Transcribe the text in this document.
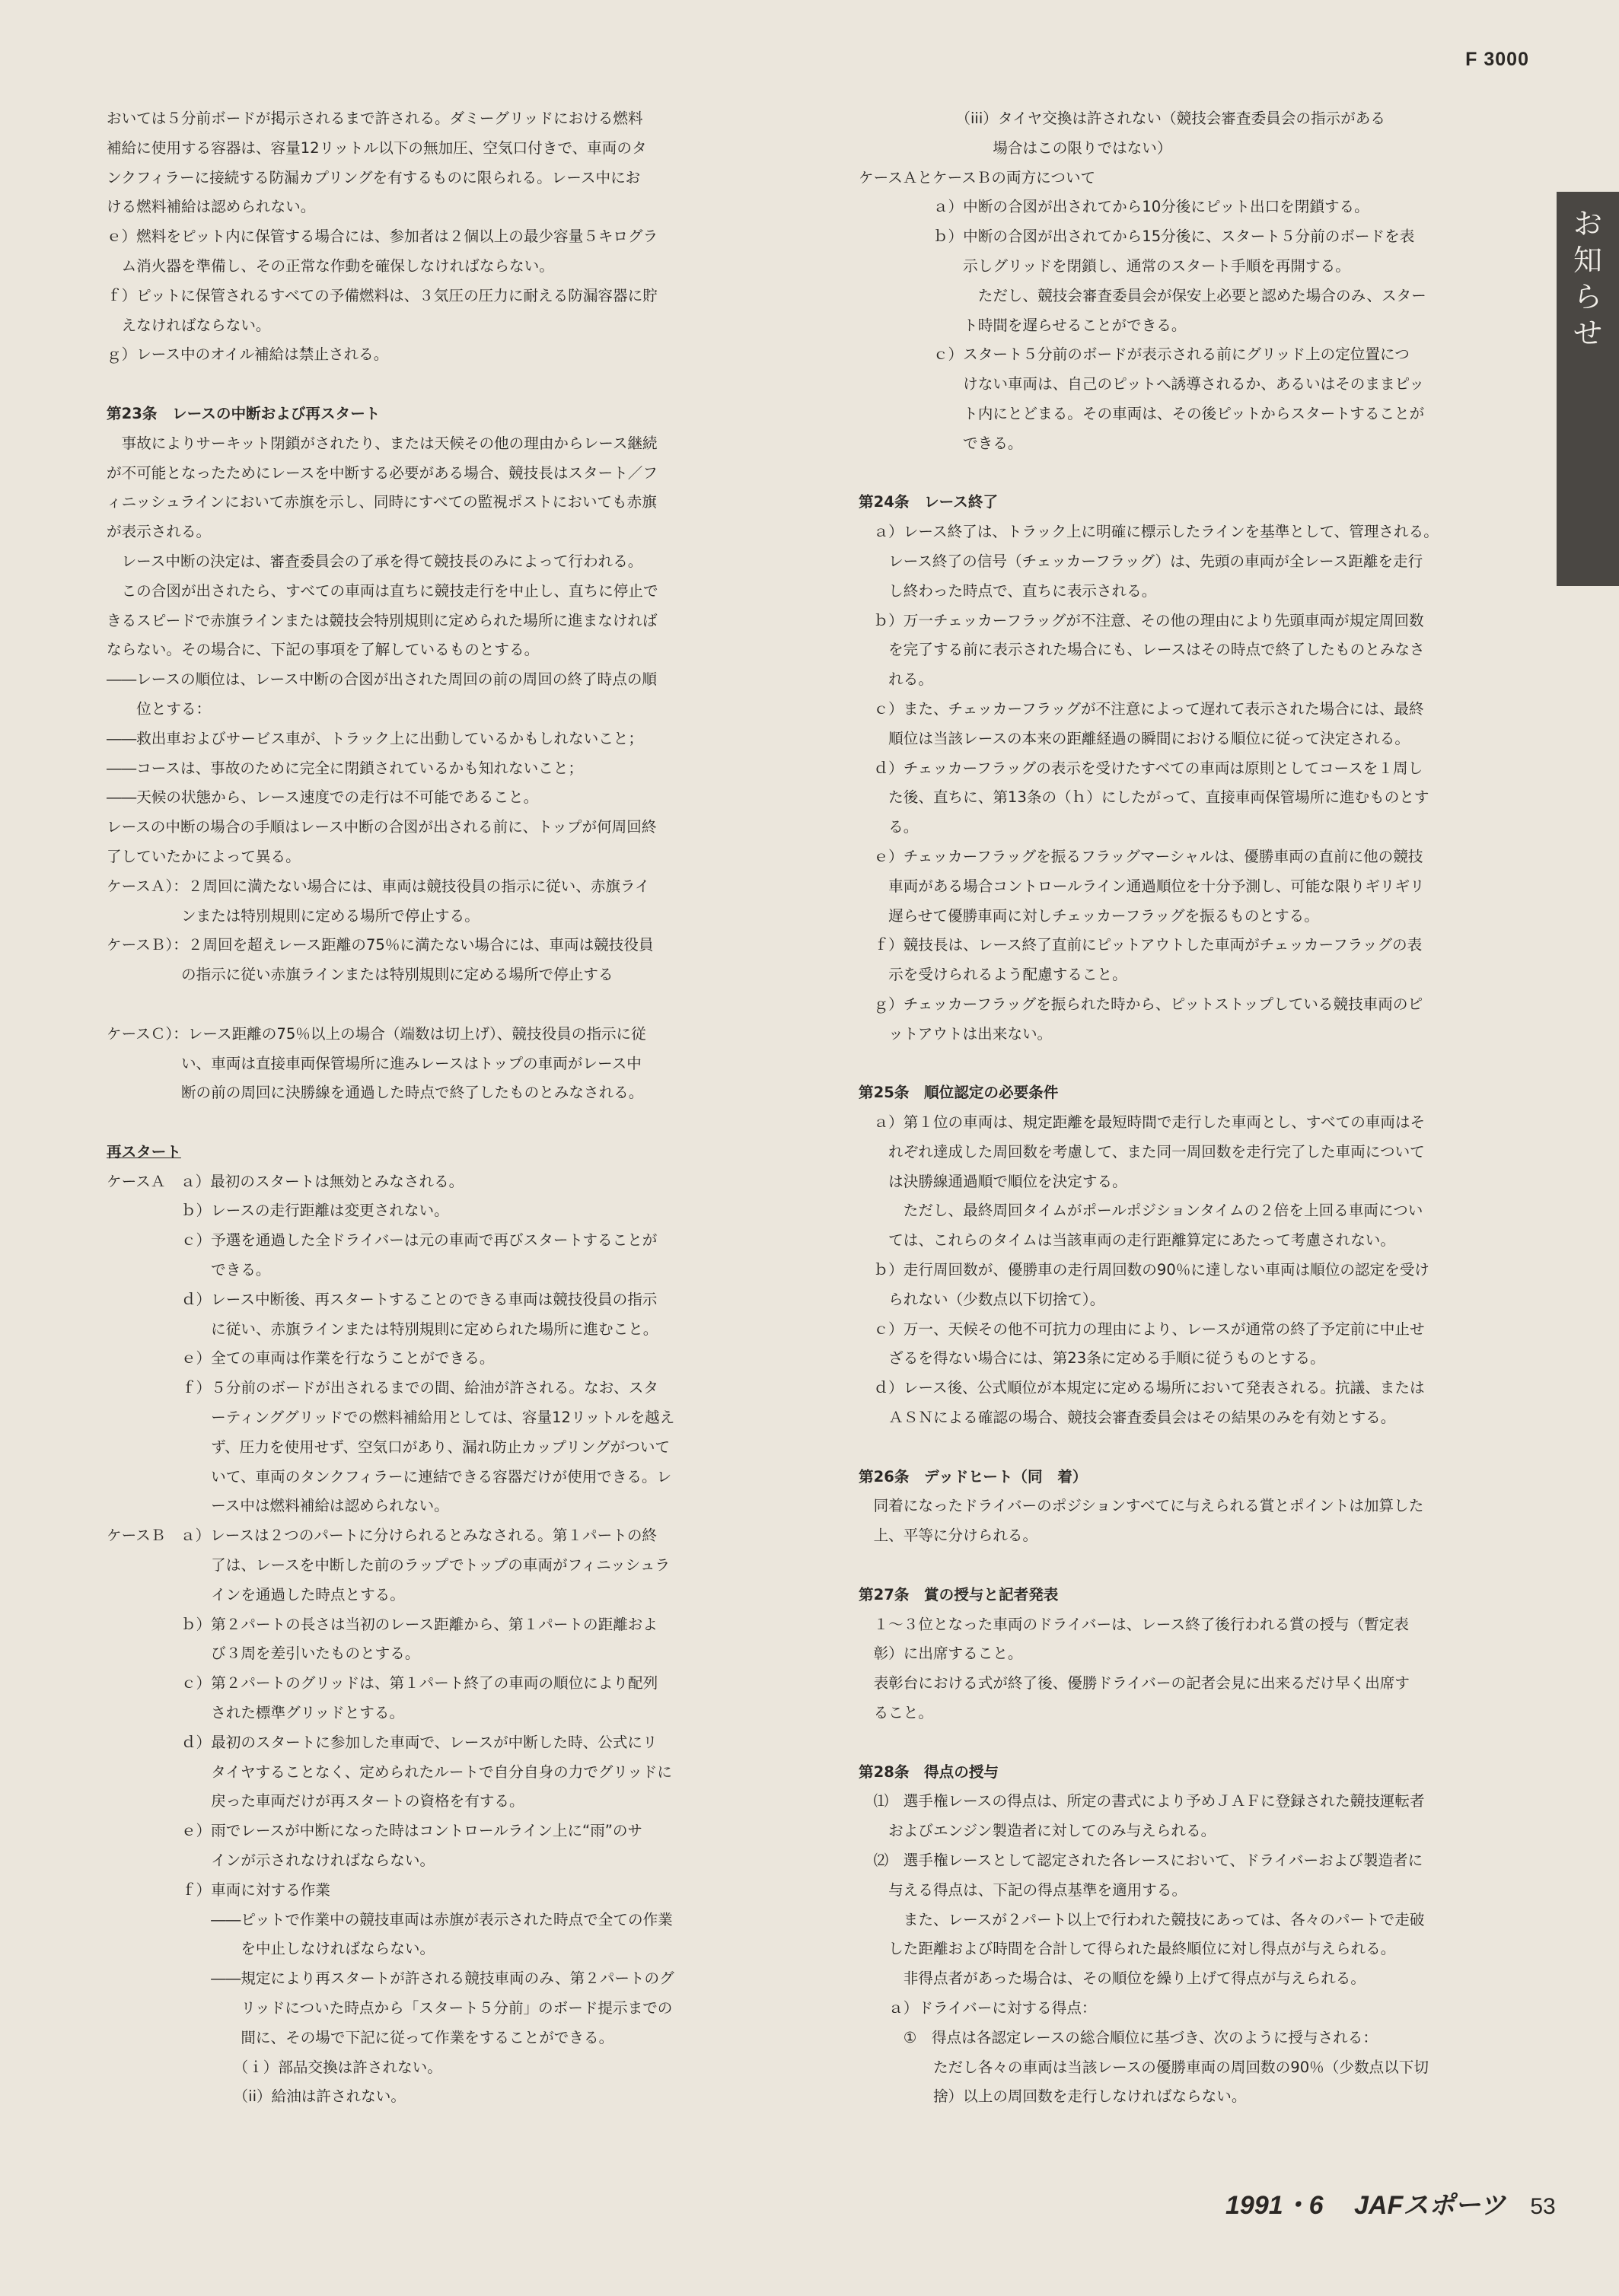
F 3000
お知らせ

おいては５分前ボードが掲示されるまで許される。ダミーグリッドにおける燃料

補給に使用する容器は、容量12リットル以下の無加圧、空気口付きで、車両のタ

ンクフィラーに接続する防漏カプリングを有するものに限られる。レース中にお

ける燃料補給は認められない。

ｅ）燃料をピット内に保管する場合には、参加者は２個以上の最少容量５キログラ

　ム消火器を準備し、その正常な作動を確保しなければならない。

ｆ）ピットに保管されるすべての予備燃料は、３気圧の圧力に耐える防漏容器に貯

　えなければならない。

ｇ）レース中のオイル補給は禁止される。

第23条　レースの中断および再スタート

　事故によりサーキット閉鎖がされたり、または天候その他の理由からレース継続

が不可能となったためにレースを中断する必要がある場合、競技長はスタート／フ

ィニッシュラインにおいて赤旗を示し、同時にすべての監視ポストにおいても赤旗

が表示される。

　レース中断の決定は、審査委員会の了承を得て競技長のみによって行われる。

　この合図が出されたら、すべての車両は直ちに競技走行を中止し、直ちに停止で

きるスピードで赤旗ラインまたは競技会特別規則に定められた場所に進まなければ

ならない。その場合に、下記の事項を了解しているものとする。

――レースの順位は、レース中断の合図が出された周回の前の周回の終了時点の順

　　位とする：

――救出車およびサービス車が、トラック上に出動しているかもしれないこと；

――コースは、事故のために完全に閉鎖されているかも知れないこと；

――天候の状態から、レース速度での走行は不可能であること。

レースの中断の場合の手順はレース中断の合図が出される前に、トップが何周回終

了していたかによって異る。

ケースＡ）：２周回に満たない場合には、車両は競技役員の指示に従い、赤旗ライ

　　　　　ンまたは特別規則に定める場所で停止する。

ケースＢ）：２周回を超えレース距離の75％に満たない場合には、車両は競技役員

　　　　　の指示に従い赤旗ラインまたは特別規則に定める場所で停止する

ケースＣ）：レース距離の75％以上の場合（端数は切上げ）、競技役員の指示に従

　　　　　い、車両は直接車両保管場所に進みレースはトップの車両がレース中

　　　　　断の前の周回に決勝線を通過した時点で終了したものとみなされる。

再スタート

ケースＡ　ａ）最初のスタートは無効とみなされる。

　　　　　ｂ）レースの走行距離は変更されない。

　　　　　ｃ）予選を通過した全ドライバーは元の車両で再びスタートすることが

　　　　　　　できる。

　　　　　ｄ）レース中断後、再スタートすることのできる車両は競技役員の指示

　　　　　　　に従い、赤旗ラインまたは特別規則に定められた場所に進むこと。

　　　　　ｅ）全ての車両は作業を行なうことができる。

　　　　　ｆ）５分前のボードが出されるまでの間、給油が許される。なお、スタ

　　　　　　　ーティンググリッドでの燃料補給用としては、容量12リットルを越え

　　　　　　　ず、圧力を使用せず、空気口があり、漏れ防止カップリングがついて

　　　　　　　いて、車両のタンクフィラーに連結できる容器だけが使用できる。レ

　　　　　　　ース中は燃料補給は認められない。

ケースＢ　ａ）レースは２つのパートに分けられるとみなされる。第１パートの終

　　　　　　　了は、レースを中断した前のラップでトップの車両がフィニッシュラ

　　　　　　　インを通過した時点とする。

　　　　　ｂ）第２パートの長さは当初のレース距離から、第１パートの距離およ

　　　　　　　び３周を差引いたものとする。

　　　　　ｃ）第２パートのグリッドは、第１パート終了の車両の順位により配列

　　　　　　　された標準グリッドとする。

　　　　　ｄ）最初のスタートに参加した車両で、レースが中断した時、公式にリ

　　　　　　　タイヤすることなく、定められたルートで自分自身の力でグリッドに

　　　　　　　戻った車両だけが再スタートの資格を有する。

　　　　　ｅ）雨でレースが中断になった時はコントロールライン上に“雨”のサ

　　　　　　　インが示されなければならない。

　　　　　ｆ）車両に対する作業

　　　　　　　――ピットで作業中の競技車両は赤旗が表示された時点で全ての作業

　　　　　　　　　を中止しなければならない。

　　　　　　　――規定により再スタートが許される競技車両のみ、第２パートのグ

　　　　　　　　　リッドについた時点から「スタート５分前」のボード提示までの

　　　　　　　　　間に、その場で下記に従って作業をすることができる。

　　　　　　　　　（ｉ）部品交換は許されない。

　　　　　　　　　（ii）給油は許されない。

　　　　　　　（iii）タイヤ交換は許されない（競技会審査委員会の指示がある

　　　　　　　　　場合はこの限りではない）

ケースＡとケースＢの両方について

　　　　　ａ）中断の合図が出されてから10分後にピット出口を閉鎖する。

　　　　　ｂ）中断の合図が出されてから15分後に、スタート５分前のボードを表

　　　　　　　示しグリッドを閉鎖し、通常のスタート手順を再開する。

　　　　　　　　ただし、競技会審査委員会が保安上必要と認めた場合のみ、スター

　　　　　　　ト時間を遅らせることができる。

　　　　　ｃ）スタート５分前のボードが表示される前にグリッド上の定位置につ

　　　　　　　けない車両は、自己のピットへ誘導されるか、あるいはそのままピッ

　　　　　　　ト内にとどまる。その車両は、その後ピットからスタートすることが

　　　　　　　できる。

第24条　レース終了

　ａ）レース終了は、トラック上に明確に標示したラインを基準として、管理される。

　　レース終了の信号（チェッカーフラッグ）は、先頭の車両が全レース距離を走行

　　し終わった時点で、直ちに表示される。

　ｂ）万一チェッカーフラッグが不注意、その他の理由により先頭車両が規定周回数

　　を完了する前に表示された場合にも、レースはその時点で終了したものとみなさ

　　れる。

　ｃ）また、チェッカーフラッグが不注意によって遅れて表示された場合には、最終

　　順位は当該レースの本来の距離経過の瞬間における順位に従って決定される。

　ｄ）チェッカーフラッグの表示を受けたすべての車両は原則としてコースを１周し

　　た後、直ちに、第13条の（ｈ）にしたがって、直接車両保管場所に進むものとす

　　る。

　ｅ）チェッカーフラッグを振るフラッグマーシャルは、優勝車両の直前に他の競技

　　車両がある場合コントロールライン通過順位を十分予測し、可能な限りギリギリ

　　遅らせて優勝車両に対しチェッカーフラッグを振るものとする。

　ｆ）競技長は、レース終了直前にピットアウトした車両がチェッカーフラッグの表

　　示を受けられるよう配慮すること。

　ｇ）チェッカーフラッグを振られた時から、ピットストップしている競技車両のピ

　　ットアウトは出来ない。

第25条　順位認定の必要条件

　ａ）第１位の車両は、規定距離を最短時間で走行した車両とし、すべての車両はそ

　　れぞれ達成した周回数を考慮して、また同一周回数を走行完了した車両について

　　は決勝線通過順で順位を決定する。

　　　ただし、最終周回タイムがポールポジションタイムの２倍を上回る車両につい

　　ては、これらのタイムは当該車両の走行距離算定にあたって考慮されない。

　ｂ）走行周回数が、優勝車の走行周回数の90％に達しない車両は順位の認定を受け

　　られない（少数点以下切捨て）。

　ｃ）万一、天候その他不可抗力の理由により、レースが通常の終了予定前に中止せ

　　ざるを得ない場合には、第23条に定める手順に従うものとする。

　ｄ）レース後、公式順位が本規定に定める場所において発表される。抗議、または

　　ＡＳＮによる確認の場合、競技会審査委員会はその結果のみを有効とする。

第26条　デッドヒート（同　着）

　同着になったドライバーのポジションすべてに与えられる賞とポイントは加算した

　上、平等に分けられる。

第27条　賞の授与と記者発表

　１～３位となった車両のドライバーは、レース終了後行われる賞の授与（暫定表

　彰）に出席すること。

　表彰台における式が終了後、優勝ドライバーの記者会見に出来るだけ早く出席す

　ること。

第28条　得点の授与

　⑴　選手権レースの得点は、所定の書式により予めＪＡＦに登録された競技運転者

　　およびエンジン製造者に対してのみ与えられる。

　⑵　選手権レースとして認定された各レースにおいて、ドライバーおよび製造者に

　　与える得点は、下記の得点基準を適用する。

　　　また、レースが２パート以上で行われた競技にあっては、各々のパートで走破

　　した距離および時間を合計して得られた最終順位に対し得点が与えられる。

　　　非得点者があった場合は、その順位を繰り上げて得点が与えられる。

　　ａ）ドライバーに対する得点：

　　　①　得点は各認定レースの総合順位に基づき、次のように授与される：

　　　　　ただし各々の車両は当該レースの優勝車両の周回数の90％（少数点以下切

　　　　　捨）以上の周回数を走行しなければならない。

1991・6 JAFスポーツ 53
